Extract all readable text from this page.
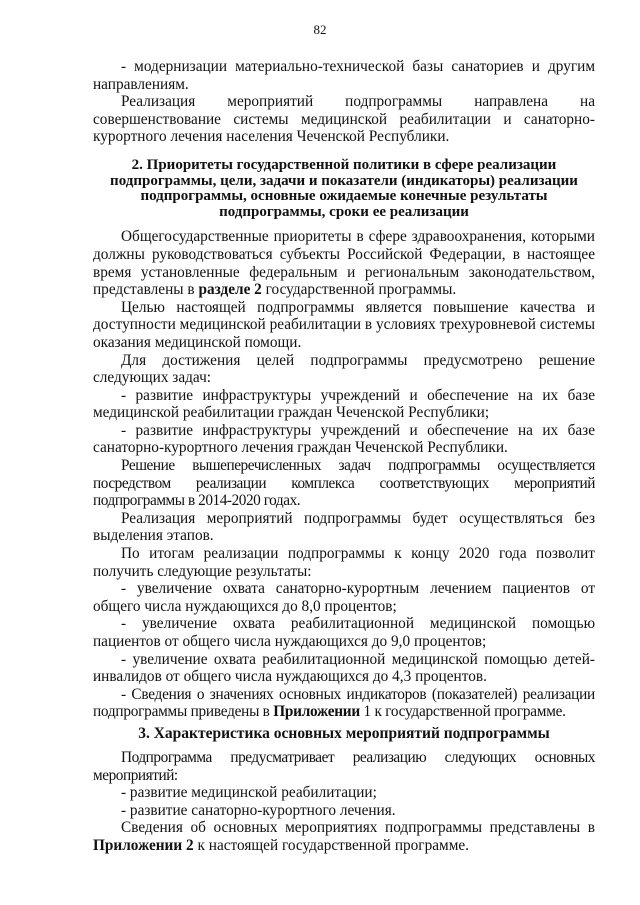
82

- модернизации материально-технической базы санаториев и другим направлениям.

Реализация мероприятий подпрограммы направлена на совершенствование системы медицинской реабилитации и санаторно-курортного лечения населения Чеченской Республики.

2. Приоритеты государственной политики в сфере реализации подпрограммы, цели, задачи и показатели (индикаторы) реализации подпрограммы, основные ожидаемые конечные результаты подпрограммы, сроки ее реализации

Общегосударственные приоритеты в сфере здравоохранения, которыми должны руководствоваться субъекты Российской Федерации, в настоящее время установленные федеральным и региональным законодательством, представлены в разделе 2 государственной программы.

Целью настоящей подпрограммы является повышение качества и доступности медицинской реабилитации в условиях трехуровневой системы оказания медицинской помощи.

Для достижения целей подпрограммы предусмотрено решение следующих задач:

- развитие инфраструктуры учреждений и обеспечение на их базе медицинской реабилитации граждан Чеченской Республики;

- развитие инфраструктуры учреждений и обеспечение на их базе санаторно-курортного лечения граждан Чеченской Республики.

Решение вышеперечисленных задач подпрограммы осуществляется посредством реализации комплекса соответствующих мероприятий подпрограммы в 2014-2020 годах.

Реализация мероприятий подпрограммы будет осуществляться без выделения этапов.

По итогам реализации подпрограммы к концу 2020 года позволит получить следующие результаты:

- увеличение охвата санаторно-курортным лечением пациентов от общего числа нуждающихся до 8,0 процентов;

- увеличение охвата реабилитационной медицинской помощью пациентов от общего числа нуждающихся до 9,0 процентов;

- увеличение охвата реабилитационной медицинской помощью детей-инвалидов от общего числа нуждающихся до 4,3 процентов.

- Сведения о значениях основных индикаторов (показателей) реализации подпрограммы приведены в Приложении 1 к государственной программе.

3. Характеристика основных мероприятий подпрограммы

Подпрограмма предусматривает реализацию следующих основных мероприятий:

- развитие медицинской реабилитации;

- развитие санаторно-курортного лечения.

Сведения об основных мероприятиях подпрограммы представлены в Приложении 2 к настоящей государственной программе.
